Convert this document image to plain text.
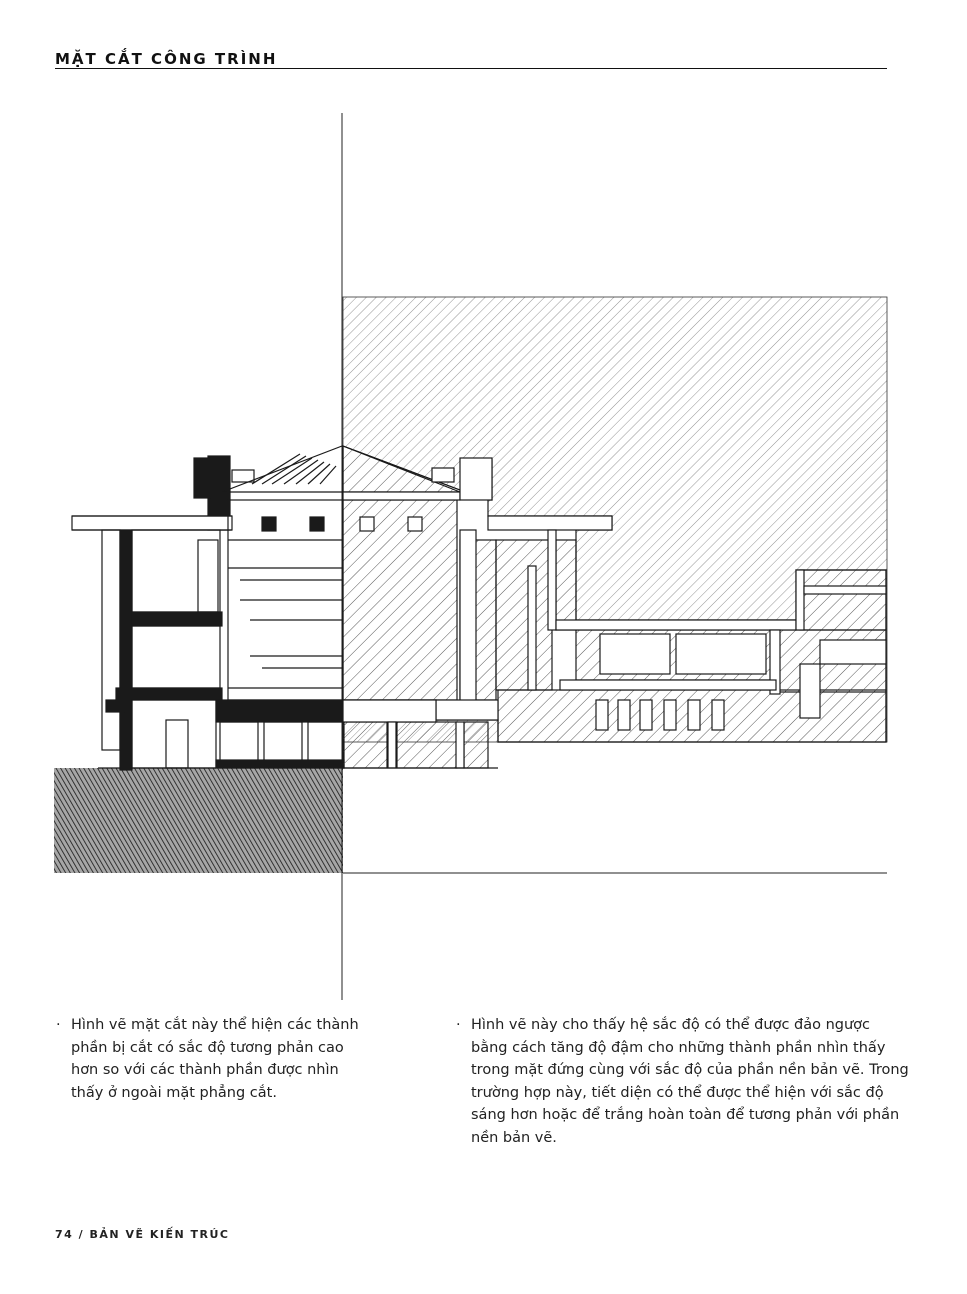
MẶT CẮT CÔNG TRÌNH

· Hình vẽ mặt cắt này thể hiện các thành phần bị cắt có sắc độ tương phản cao hơn so với các thành phần được nhìn thấy ở ngoài mặt phẳng cắt.

· Hình vẽ này cho thấy hệ sắc độ có thể được đảo ngược bằng cách tăng độ đậm cho những thành phần nhìn thấy trong mặt đứng cùng với sắc độ của phần nền bản vẽ. Trong trường hợp này, tiết diện có thể được thể hiện với sắc độ sáng hơn hoặc để trắng hoàn toàn để tương phản với phần nền bản vẽ.

74 / BẢN VẼ KIẾN TRÚC
